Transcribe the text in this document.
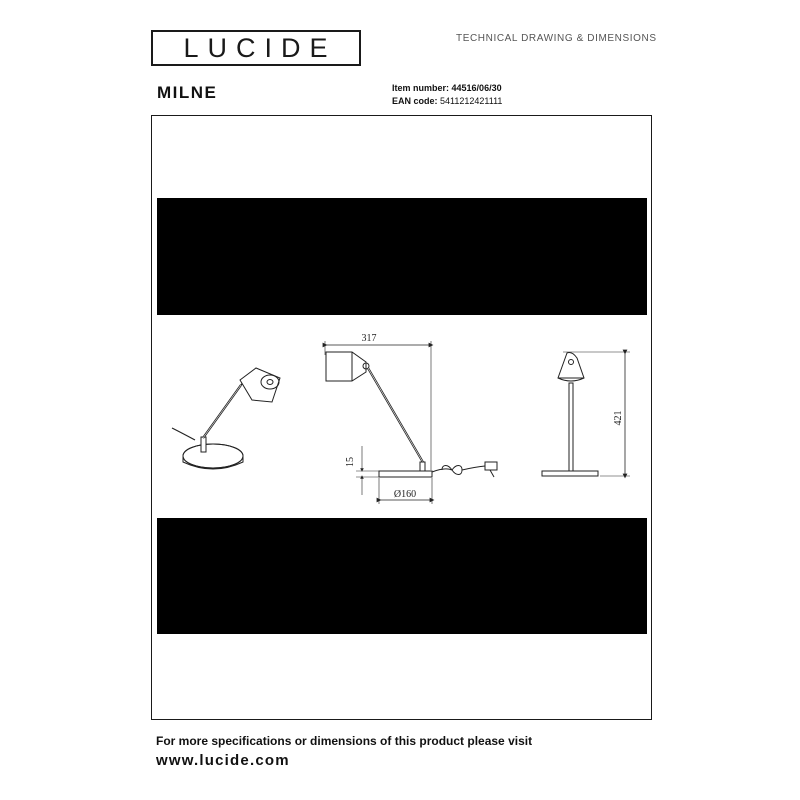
LUCIDE	TECHNICAL DRAWING & DIMENSIONS
MILNE	Item number: 44516/06/30
EAN code: 5411212421111
317
421
15
Ø160
For more specifications or dimensions of this product please visit
www.lucide.com
